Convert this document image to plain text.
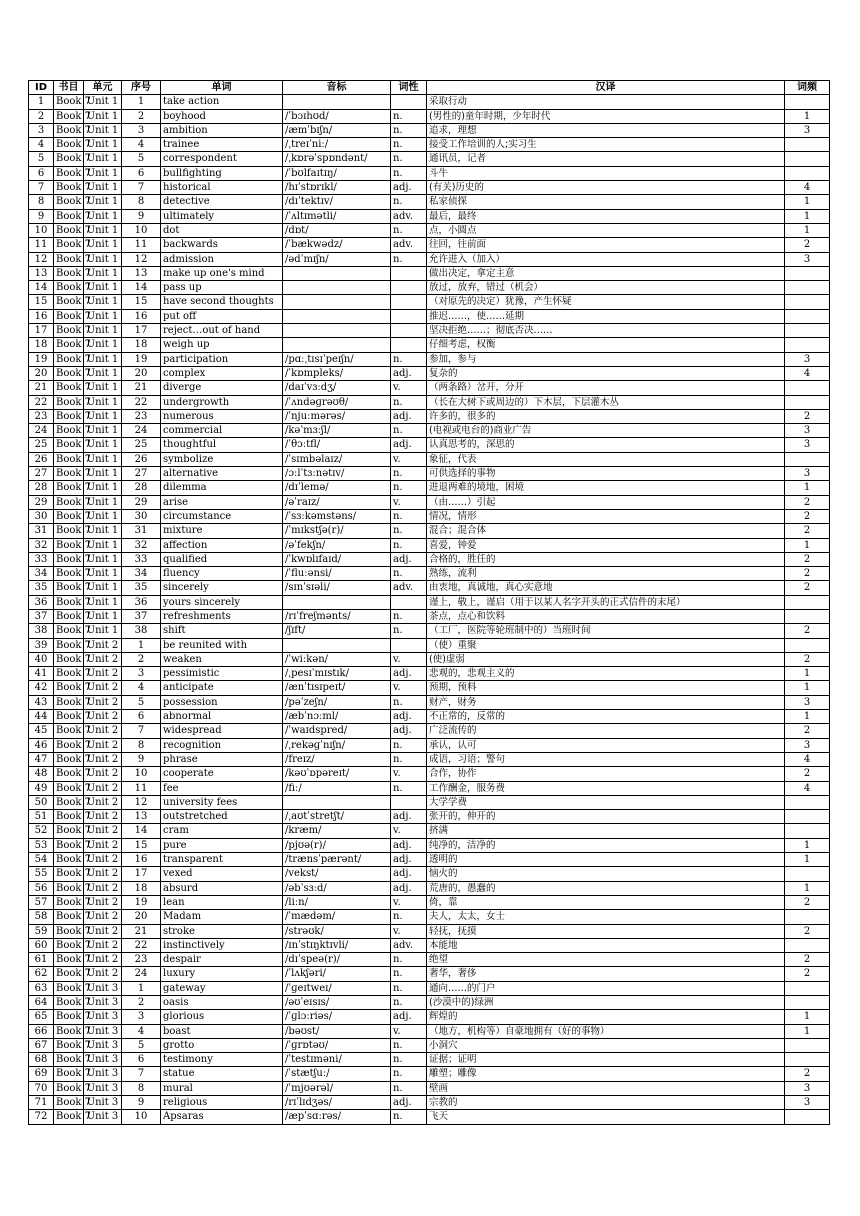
ID	书目	单元	序号	单词	音标	词性	汉译	词频
1	Book 7	Unit 1	1	take action			采取行动	
2	Book 7	Unit 1	2	boyhood	/ˈbɔɪhʊd/	n.	(男性的)童年时期，少年时代	1
3	Book 7	Unit 1	3	ambition	/æmˈbɪʃn/	n.	追求，理想	3
4	Book 7	Unit 1	4	trainee	/ˌtreɪˈniː/	n.	接受工作培训的人;实习生	
5	Book 7	Unit 1	5	correspondent	/ˌkɒrəˈspɒndənt/	n.	通讯员，记者	
6	Book 7	Unit 1	6	bullfighting	/ˈbʊlfaɪtɪŋ/	n.	斗牛	
7	Book 7	Unit 1	7	historical	/hɪˈstɒrɪkl/	adj.	(有关)历史的	4
8	Book 7	Unit 1	8	detective	/dɪˈtektɪv/	n.	私家侦探	1
9	Book 7	Unit 1	9	ultimately	/ˈʌltɪmətli/	adv.	最后，最终	1
10	Book 7	Unit 1	10	dot	/dɒt/	n.	点，小圆点	1
11	Book 7	Unit 1	11	backwards	/ˈbækwədz/	adv.	往回，往前面	2
12	Book 7	Unit 1	12	admission	/ədˈmɪʃn/	n.	允许进入（加入）	3
13	Book 7	Unit 1	13	make up one's mind			做出决定，拿定主意	
14	Book 7	Unit 1	14	pass up			放过，放弃，错过（机会）	
15	Book 7	Unit 1	15	have second thoughts			（对原先的决定）犹豫，产生怀疑	
16	Book 7	Unit 1	16	put off			推迟……，使……延期	
17	Book 7	Unit 1	17	reject…out of hand			坚决拒绝……；彻底否决……	
18	Book 7	Unit 1	18	weigh up			仔细考虑，权衡	
19	Book 7	Unit 1	19	participation	/pɑːˌtɪsɪˈpeɪʃn/	n.	参加，参与	3
20	Book 7	Unit 1	20	complex	/ˈkɒmpleks/	adj.	复杂的	4
21	Book 7	Unit 1	21	diverge	/daɪˈvɜːdʒ/	v.	（两条路）岔开，分开	
22	Book 7	Unit 1	22	undergrowth	/ˈʌndəɡrəʊθ/	n.	（长在大树下或周边的）下木层，下层灌木丛	
23	Book 7	Unit 1	23	numerous	/ˈnjuːmərəs/	adj.	许多的，很多的	2
24	Book 7	Unit 1	24	commercial	/kəˈmɜːʃl/	n.	(电视或电台的)商业广告	3
25	Book 7	Unit 1	25	thoughtful	/ˈθɔːtfl/	adj.	认真思考的，深思的	3
26	Book 7	Unit 1	26	symbolize	/ˈsɪmbəlaɪz/	v.	象征，代表	
27	Book 7	Unit 1	27	alternative	/ɔːlˈtɜːnətɪv/	n.	可供选择的事物	3
28	Book 7	Unit 1	28	dilemma	/dɪˈlemə/	n.	进退两难的境地，困境	1
29	Book 7	Unit 1	29	arise	/əˈraɪz/	v.	（由……）引起	2
30	Book 7	Unit 1	30	circumstance	/ˈsɜːkəmstəns/	n.	情况，情形	2
31	Book 7	Unit 1	31	mixture	/ˈmɪkstʃə(r)/	n.	混合；混合体	2
32	Book 7	Unit 1	32	affection	/əˈfekʃn/	n.	喜爱，钟爱	1
33	Book 7	Unit 1	33	qualified	/ˈkwɒlɪfaɪd/	adj.	合格的，胜任的	2
34	Book 7	Unit 1	34	fluency	/ˈfluːənsi/	n.	熟练，流利	2
35	Book 7	Unit 1	35	sincerely	/sɪnˈsɪəli/	adv.	由衷地，真诚地，真心实意地	2
36	Book 7	Unit 1	36	yours sincerely			谨上，敬上，谨启（用于以某人名字开头的正式信件的末尾）	
37	Book 7	Unit 1	37	refreshments	/rɪˈfreʃmənts/	n.	茶点，点心和饮料	
38	Book 7	Unit 1	38	shift	/ʃɪft/	n.	（工厂，医院等轮班制中的）当班时间	2
39	Book 7	Unit 2	1	be reunited with			（使）重聚	
40	Book 7	Unit 2	2	weaken	/ˈwiːkən/	v.	(使)虚弱	2
41	Book 7	Unit 2	3	pessimistic	/ˌpesɪˈmɪstɪk/	adj.	悲观的，悲观主义的	1
42	Book 7	Unit 2	4	anticipate	/ænˈtɪsɪpeɪt/	v.	预期，预料	1
43	Book 7	Unit 2	5	possession	/pəˈzeʃn/	n.	财产，财务	3
44	Book 7	Unit 2	6	abnormal	/æbˈnɔːml/	adj.	不正常的，反常的	1
45	Book 7	Unit 2	7	widespread	/ˈwaɪdspred/	adj.	广泛流传的	2
46	Book 7	Unit 2	8	recognition	/ˌrekəɡˈnɪʃn/	n.	承认，认可	3
47	Book 7	Unit 2	9	phrase	/freɪz/	n.	成语，习语；警句	4
48	Book 7	Unit 2	10	cooperate	/kəʊˈɒpəreɪt/	v.	合作，协作	2
49	Book 7	Unit 2	11	fee	/fiː/	n.	工作酬金，服务费	4
50	Book 7	Unit 2	12	university fees			大学学费	
51	Book 7	Unit 2	13	outstretched	/ˌaʊtˈstretʃt/	adj.	张开的，伸开的	
52	Book 7	Unit 2	14	cram	/kræm/	v.	挤满	
53	Book 7	Unit 2	15	pure	/pjʊə(r)/	adj.	纯净的，洁净的	1
54	Book 7	Unit 2	16	transparent	/trænsˈpærənt/	adj.	透明的	1
55	Book 7	Unit 2	17	vexed	/vekst/	adj.	恼火的	
56	Book 7	Unit 2	18	absurd	/əbˈsɜːd/	adj.	荒唐的，愚蠢的	1
57	Book 7	Unit 2	19	lean	/liːn/	v.	倚，靠	2
58	Book 7	Unit 2	20	Madam	/ˈmædəm/	n.	夫人，太太，女士	
59	Book 7	Unit 2	21	stroke	/strəʊk/	v.	轻抚，抚摸	2
60	Book 7	Unit 2	22	instinctively	/ɪnˈstɪŋktɪvli/	adv.	本能地	
61	Book 7	Unit 2	23	despair	/dɪˈspeə(r)/	n.	绝望	2
62	Book 7	Unit 2	24	luxury	/ˈlʌkʃəri/	n.	奢华，奢侈	2
63	Book 7	Unit 3	1	gateway	/ˈɡeɪtweɪ/	n.	通向……的门户	
64	Book 7	Unit 3	2	oasis	/əʊˈeɪsɪs/	n.	(沙漠中的)绿洲	
65	Book 7	Unit 3	3	glorious	/ˈɡlɔːriəs/	adj.	辉煌的	1
66	Book 7	Unit 3	4	boast	/bəʊst/	v.	（地方，机构等）自豪地拥有（好的事物）	1
67	Book 7	Unit 3	5	grotto	/ˈɡrɒtəʊ/	n.	小洞穴	
68	Book 7	Unit 3	6	testimony	/ˈtestɪməni/	n.	证据；证明	
69	Book 7	Unit 3	7	statue	/ˈstætʃuː/	n.	雕塑；雕像	2
70	Book 7	Unit 3	8	mural	/ˈmjʊərəl/	n.	壁画	3
71	Book 7	Unit 3	9	religious	/rɪˈlɪdʒəs/	adj.	宗教的	3
72	Book 7	Unit 3	10	Apsaras	/æpˈsɑːrəs/	n.	飞天	
